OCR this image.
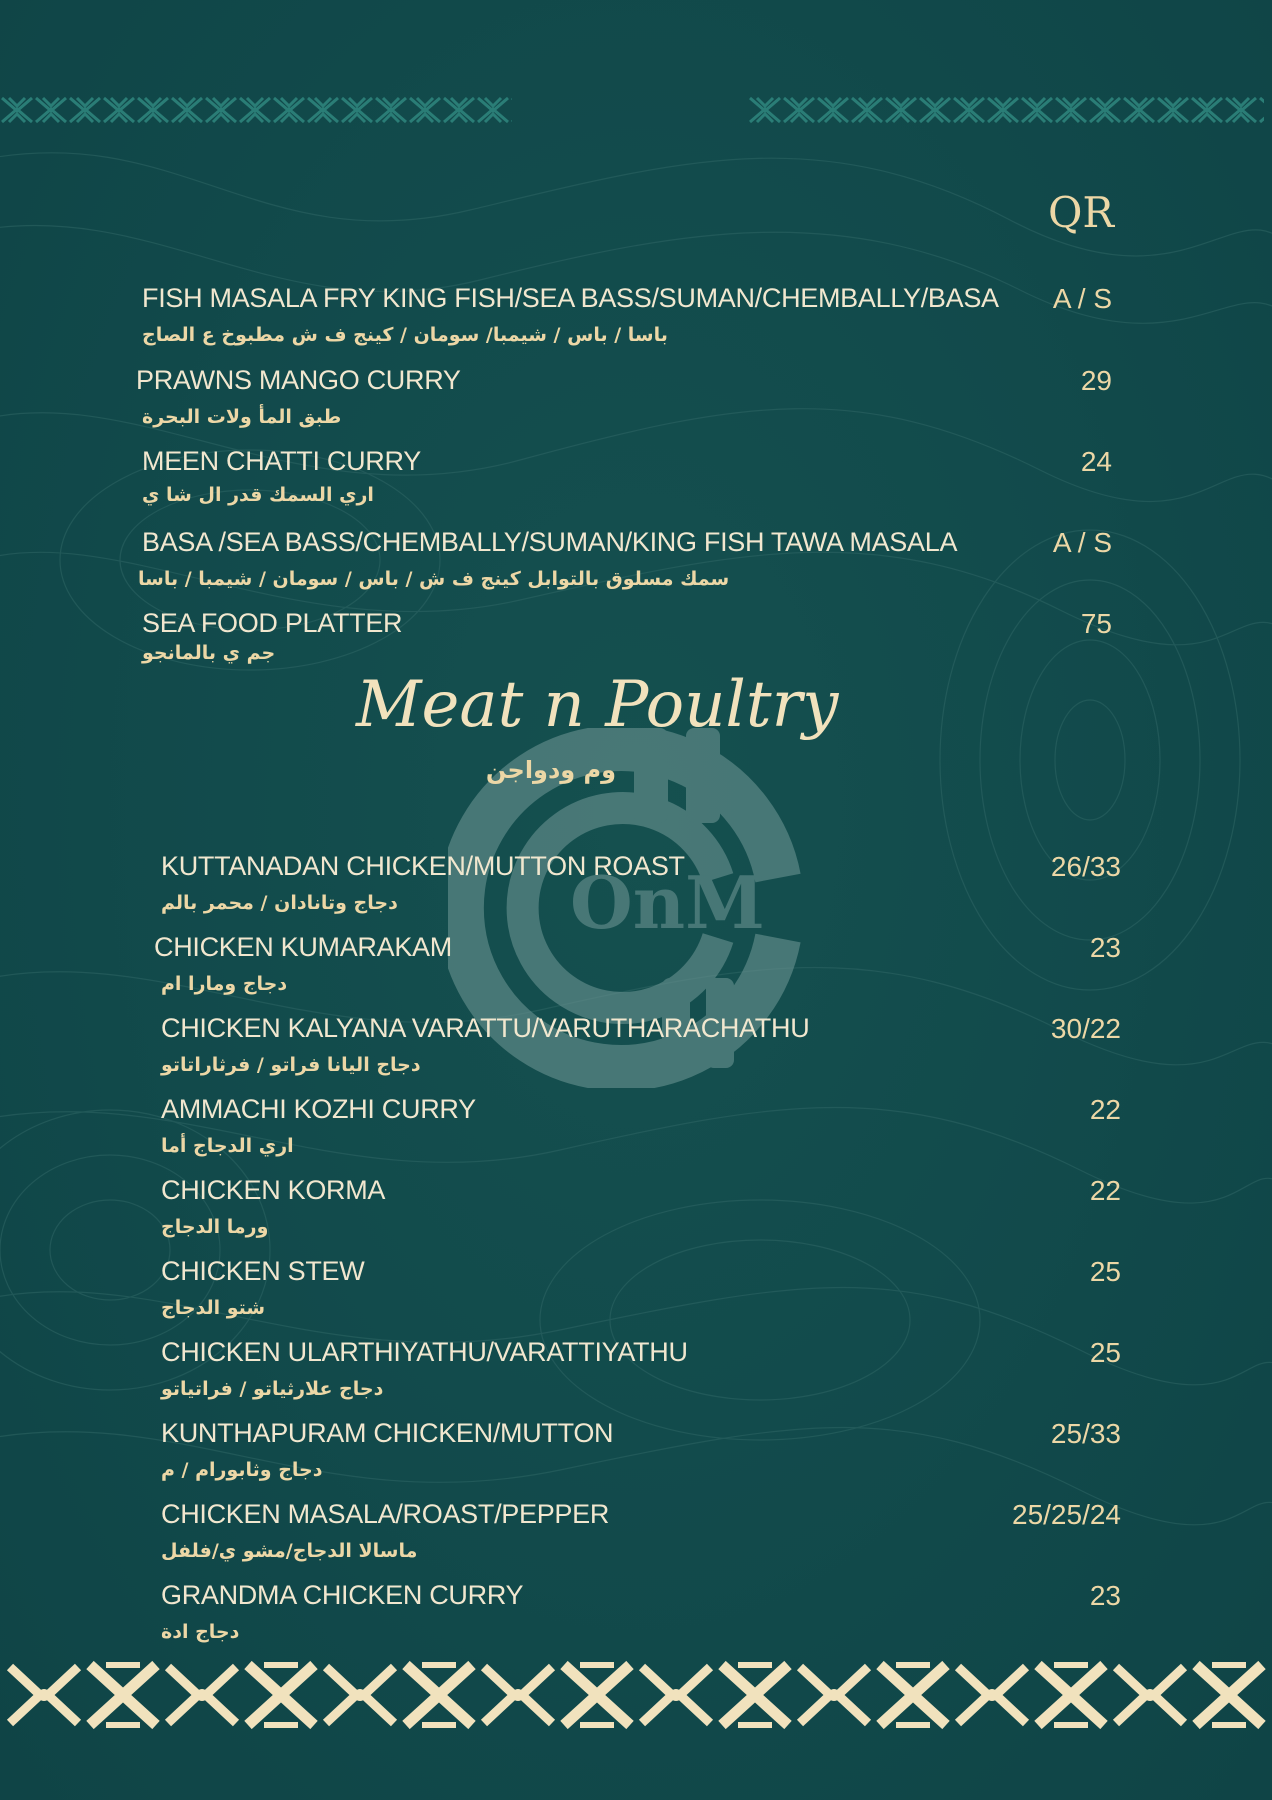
QR
FISH MASALA FRY KING FISH/SEA BASS/SUMAN/CHEMBALLY/BASA
باسا / باس / شيمبا/ سومان / كينج ف ش مطبوخ ع الصاج
A / S
PRAWNS MANGO CURRY
طبق المأ ولات البحرة
29
MEEN CHATTI CURRY
اري السمك قدر ال شا ي
24
BASA /SEA BASS/CHEMBALLY/SUMAN/KING FISH TAWA MASALA
سمك مسلوق بالتوابل كينج ف ش / باس / سومان / شيمبا / باسا
A / S
SEA FOOD PLATTER
جم ي بالمانجو
75
OnM
Meat n Poultry
وم ودواجن
KUTTANADAN CHICKEN/MUTTON ROAST
دجاج وتانادان / محمر بالم
26/33
CHICKEN KUMARAKAM
دجاج ومارا ام
23
CHICKEN KALYANA VARATTU/VARUTHARACHATHU
دجاج اليانا فراتو / فرثاراتاتو
30/22
AMMACHI KOZHI CURRY
اري الدجاج أما
22
CHICKEN KORMA
ورما الدجاج
22
CHICKEN STEW
شتو الدجاج
25
CHICKEN ULARTHIYATHU/VARATTIYATHU
دجاج علارثياتو / فراتياتو
25
KUNTHAPURAM CHICKEN/MUTTON
دجاج وثابورام / م
25/33
CHICKEN MASALA/ROAST/PEPPER
ماسالا الدجاج/مشو ي/فلفل
25/25/24
GRANDMA CHICKEN CURRY
دجاج ادة
23
